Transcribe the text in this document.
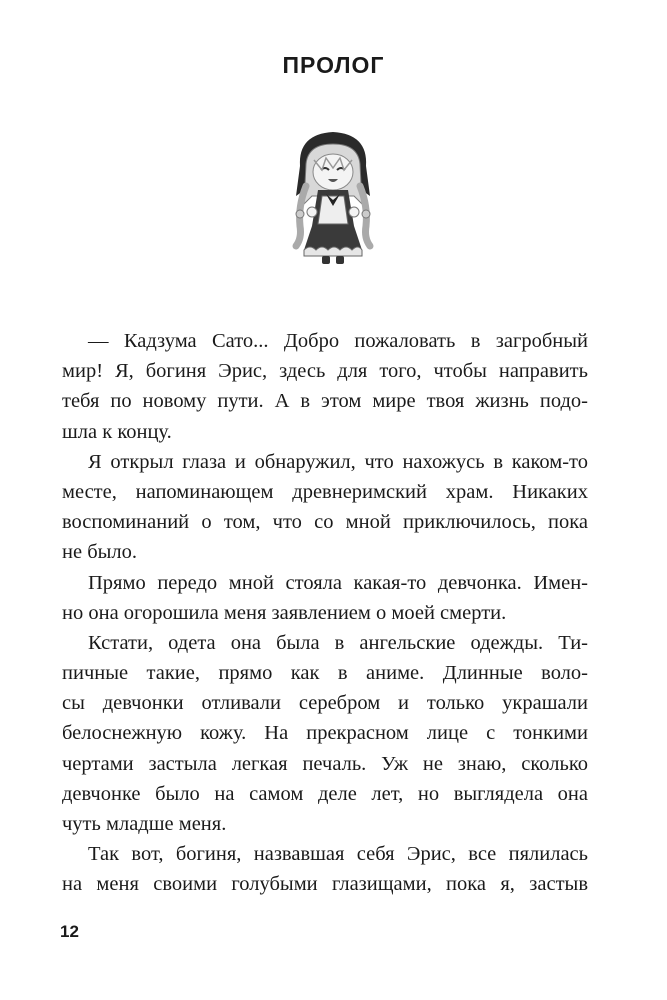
ПРОЛОГ
— Кадзума Сато... Добро пожаловать в загробный
мир! Я, богиня Эрис, здесь для того, чтобы направить
тебя по новому пути. А в этом мире твоя жизнь подо-
шла к концу.
Я открыл глаза и обнаружил, что нахожусь в каком-то
месте, напоминающем древнеримский храм. Никаких
воспоминаний о том, что со мной приключилось, пока
не было.
Прямо передо мной стояла какая-то девчонка. Имен-
но она огорошила меня заявлением о моей смерти.
Кстати, одета она была в ангельские одежды. Ти-
пичные такие, прямо как в аниме. Длинные воло-
сы девчонки отливали серебром и только украшали
белоснежную кожу. На прекрасном лице с тонкими
чертами застыла легкая печаль. Уж не знаю, сколько
девчонке было на самом деле лет, но выглядела она
чуть младше меня.
Так вот, богиня, назвавшая себя Эрис, все пялилась
на меня своими голубыми глазищами, пока я, застыв
12
